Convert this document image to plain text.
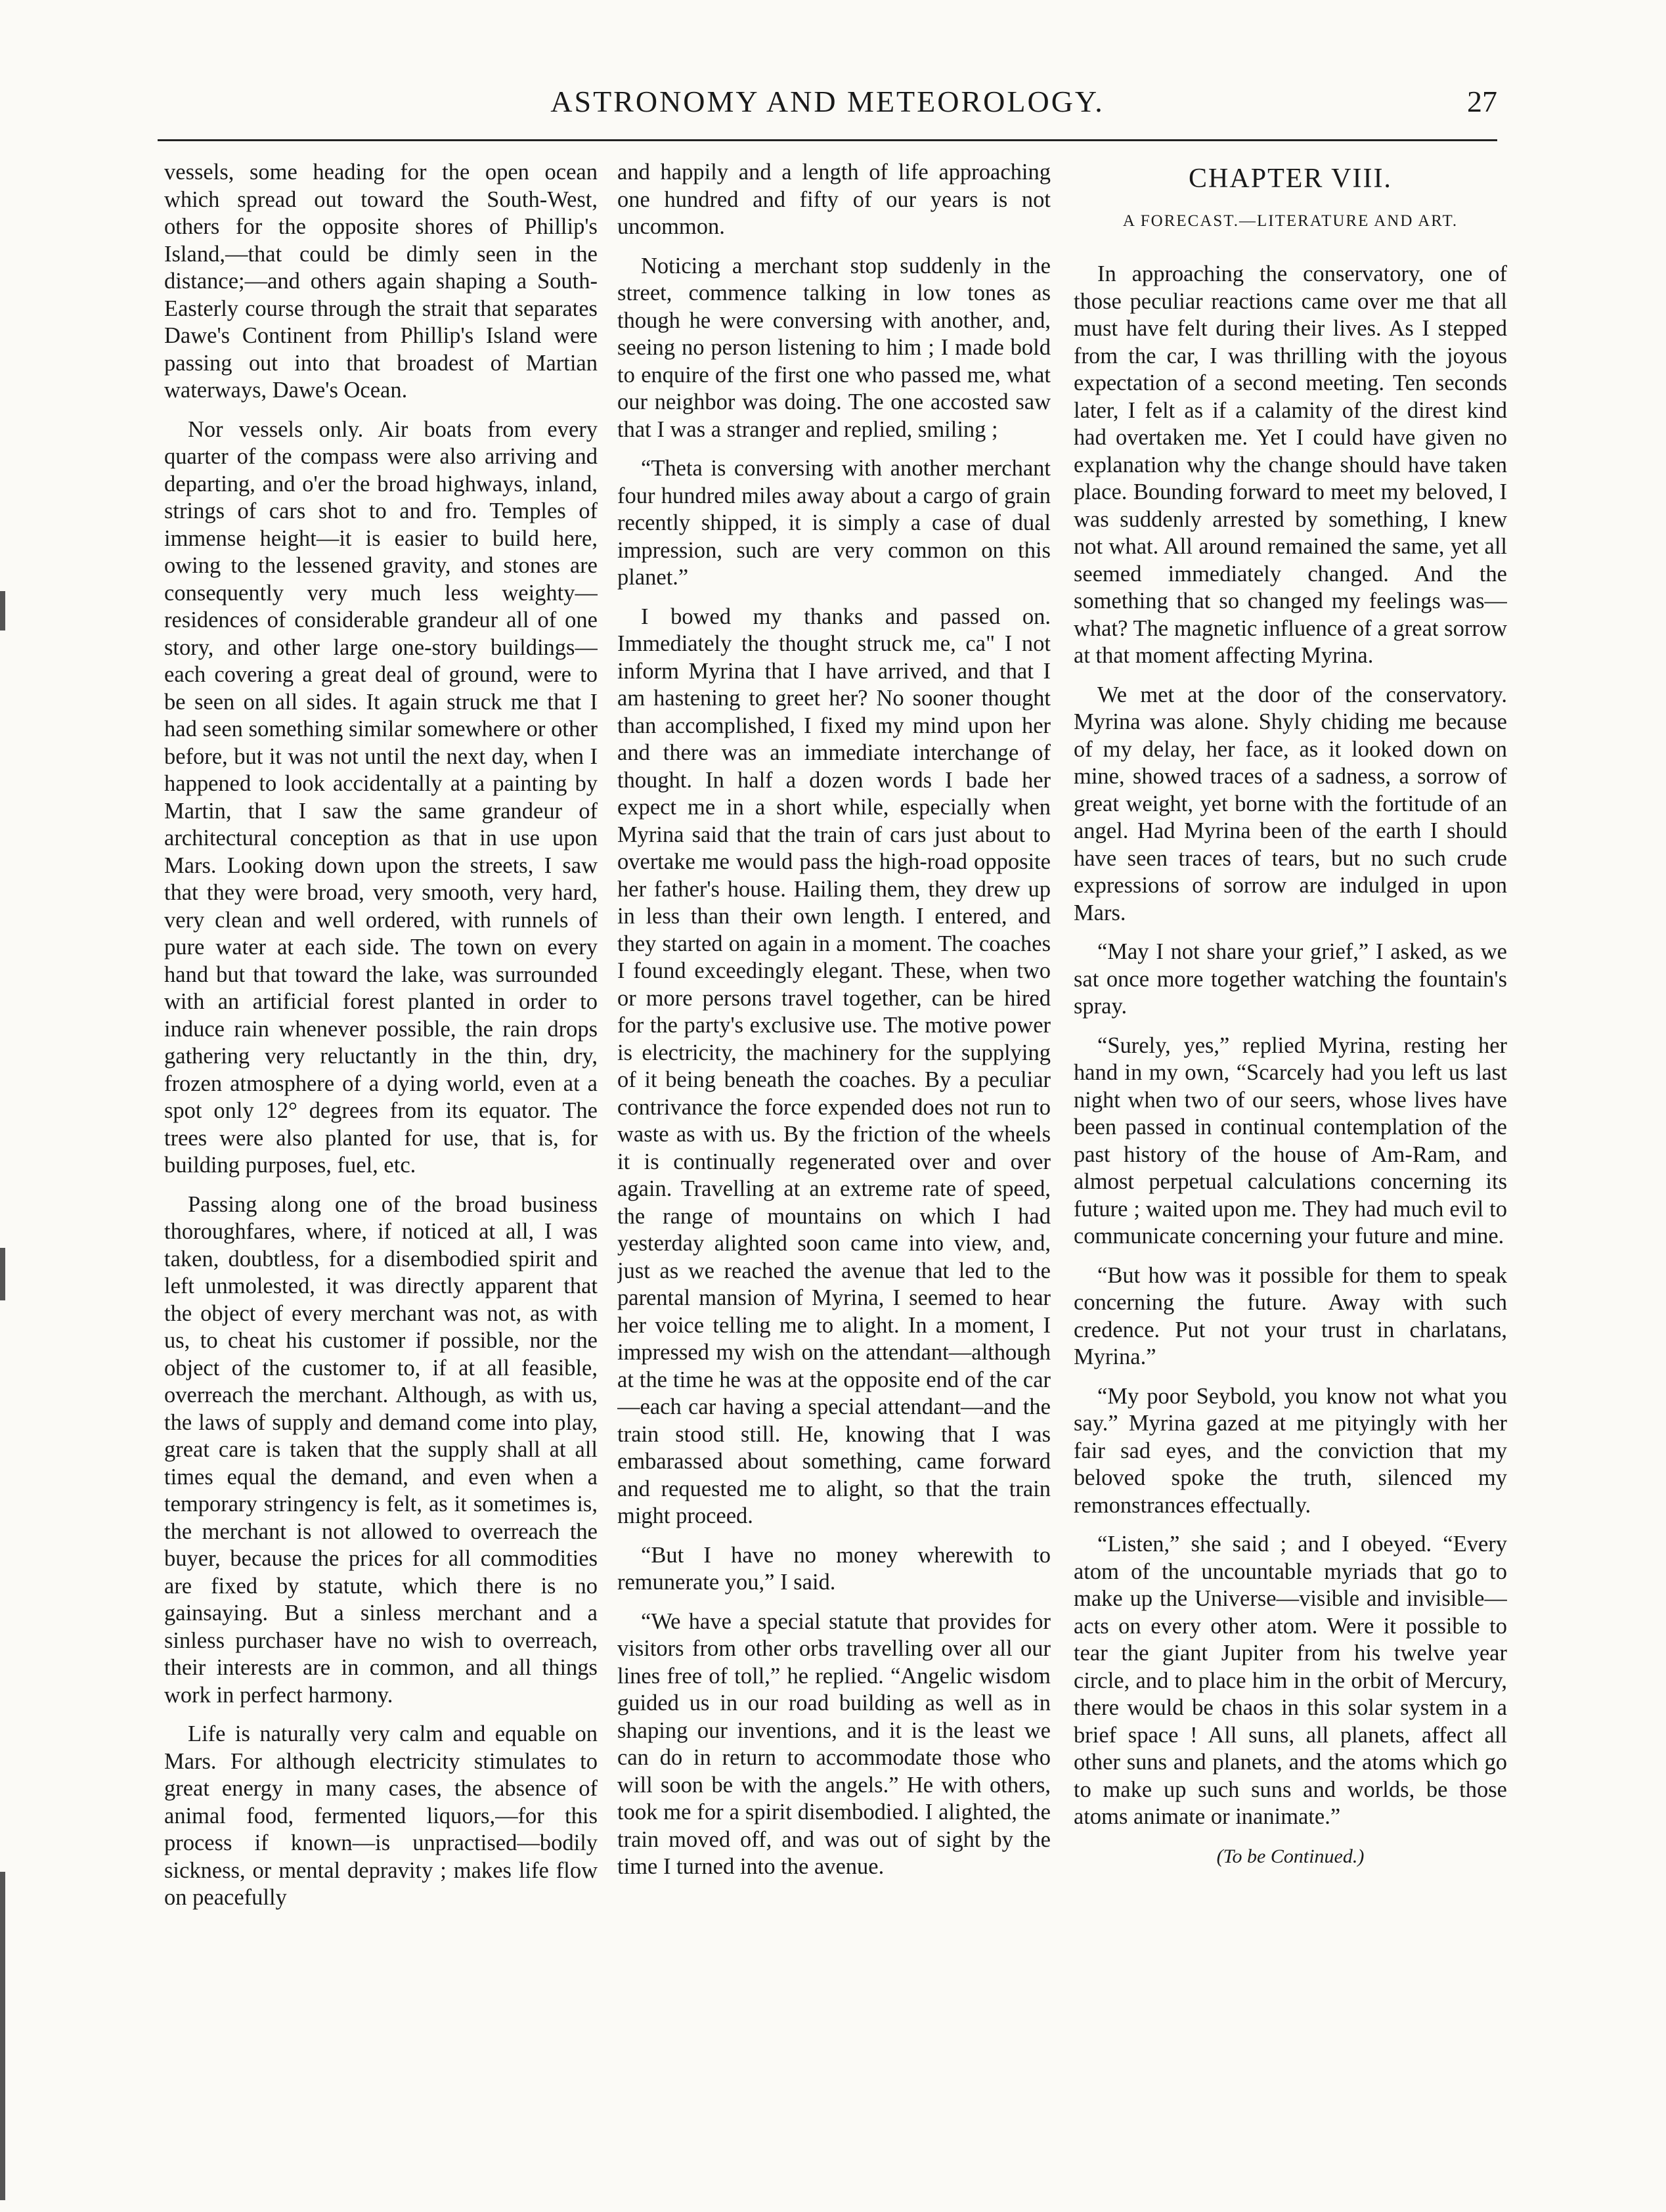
ASTRONOMY AND METEOROLOGY.	27

vessels, some heading for the open ocean which spread out toward the South-West, others for the opposite shores of Phillip's Island,—that could be dimly seen in the distance;—and others again shaping a South-Easterly course through the strait that separates Dawe's Continent from Phillip's Island were passing out into that broadest of Martian waterways, Dawe's Ocean.

Nor vessels only. Air boats from every quarter of the compass were also arriving and departing, and o'er the broad highways, inland, strings of cars shot to and fro. Temples of immense height—it is easier to build here, owing to the lessened gravity, and stones are consequently very much less weighty—residences of considerable grandeur all of one story, and other large one-story buildings—each covering a great deal of ground, were to be seen on all sides. It again struck me that I had seen something similar somewhere or other before, but it was not until the next day, when I happened to look accidentally at a painting by Martin, that I saw the same grandeur of architectural conception as that in use upon Mars. Looking down upon the streets, I saw that they were broad, very smooth, very hard, very clean and well ordered, with runnels of pure water at each side. The town on every hand but that toward the lake, was surrounded with an artificial forest planted in order to induce rain whenever possible, the rain drops gathering very reluctantly in the thin, dry, frozen atmosphere of a dying world, even at a spot only 12° degrees from its equator. The trees were also planted for use, that is, for building purposes, fuel, etc.

Passing along one of the broad business thoroughfares, where, if noticed at all, I was taken, doubtless, for a disembodied spirit and left unmolested, it was directly apparent that the object of every merchant was not, as with us, to cheat his customer if possible, nor the object of the customer to, if at all feasible, overreach the merchant. Although, as with us, the laws of supply and demand come into play, great care is taken that the supply shall at all times equal the demand, and even when a temporary stringency is felt, as it sometimes is, the merchant is not allowed to overreach the buyer, because the prices for all commodities are fixed by statute, which there is no gainsaying. But a sinless merchant and a sinless purchaser have no wish to overreach, their interests are in common, and all things work in perfect harmony.

Life is naturally very calm and equable on Mars. For although electricity stimulates to great energy in many cases, the absence of animal food, fermented liquors,—for this process if known—is unpractised—bodily sickness, or mental depravity ; makes life flow on peacefully

and happily and a length of life approaching one hundred and fifty of our years is not uncommon.

Noticing a merchant stop suddenly in the street, commence talking in low tones as though he were conversing with another, and, seeing no person listening to him ; I made bold to enquire of the first one who passed me, what our neighbor was doing. The one accosted saw that I was a stranger and replied, smiling ;

“Theta is conversing with another merchant four hundred miles away about a cargo of grain recently shipped, it is simply a case of dual impression, such are very common on this planet.”

I bowed my thanks and passed on. Immediately the thought struck me, ca" I not inform Myrina that I have arrived, and that I am hastening to greet her? No sooner thought than accomplished, I fixed my mind upon her and there was an immediate interchange of thought. In half a dozen words I bade her expect me in a short while, especially when Myrina said that the train of cars just about to overtake me would pass the high-road opposite her father's house. Hailing them, they drew up in less than their own length. I entered, and they started on again in a moment. The coaches I found exceedingly elegant. These, when two or more persons travel together, can be hired for the party's exclusive use. The motive power is electricity, the machinery for the supplying of it being beneath the coaches. By a peculiar contrivance the force expended does not run to waste as with us. By the friction of the wheels it is continually regenerated over and over again. Travelling at an extreme rate of speed, the range of mountains on which I had yesterday alighted soon came into view, and, just as we reached the avenue that led to the parental mansion of Myrina, I seemed to hear her voice telling me to alight. In a moment, I impressed my wish on the attendant—although at the time he was at the opposite end of the car—each car having a special attendant—and the train stood still. He, knowing that I was embarassed about something, came forward and requested me to alight, so that the train might proceed.

“But I have no money wherewith to remunerate you,” I said.

“We have a special statute that provides for visitors from other orbs travelling over all our lines free of toll,” he replied. “Angelic wisdom guided us in our road building as well as in shaping our inventions, and it is the least we can do in return to accommodate those who will soon be with the angels.” He with others, took me for a spirit disembodied. I alighted, the train moved off, and was out of sight by the time I turned into the avenue.

CHAPTER VIII.
A FORECAST.—LITERATURE AND ART.

In approaching the conservatory, one of those peculiar reactions came over me that all must have felt during their lives. As I stepped from the car, I was thrilling with the joyous expectation of a second meeting. Ten seconds later, I felt as if a calamity of the direst kind had overtaken me. Yet I could have given no explanation why the change should have taken place. Bounding forward to meet my beloved, I was suddenly arrested by something, I knew not what. All around remained the same, yet all seemed immediately changed. And the something that so changed my feelings was—what? The magnetic influence of a great sorrow at that moment affecting Myrina.

We met at the door of the conservatory. Myrina was alone. Shyly chiding me because of my delay, her face, as it looked down on mine, showed traces of a sadness, a sorrow of great weight, yet borne with the fortitude of an angel. Had Myrina been of the earth I should have seen traces of tears, but no such crude expressions of sorrow are indulged in upon Mars.

“May I not share your grief,” I asked, as we sat once more together watching the fountain's spray.

“Surely, yes,” replied Myrina, resting her hand in my own, “Scarcely had you left us last night when two of our seers, whose lives have been passed in continual contemplation of the past history of the house of Am-Ram, and almost perpetual calculations concerning its future ; waited upon me. They had much evil to communicate concerning your future and mine.

“But how was it possible for them to speak concerning the future. Away with such credence. Put not your trust in charlatans, Myrina.”

“My poor Seybold, you know not what you say.” Myrina gazed at me pityingly with her fair sad eyes, and the conviction that my beloved spoke the truth, silenced my remonstrances effectually.

“Listen,” she said ; and I obeyed. “Every atom of the uncountable myriads that go to make up the Universe—visible and invisible—acts on every other atom. Were it possible to tear the giant Jupiter from his twelve year circle, and to place him in the orbit of Mercury, there would be chaos in this solar system in a brief space ! All suns, all planets, affect all other suns and planets, and the atoms which go to make up such suns and worlds, be those atoms animate or inanimate.”

(To be Continued.)
